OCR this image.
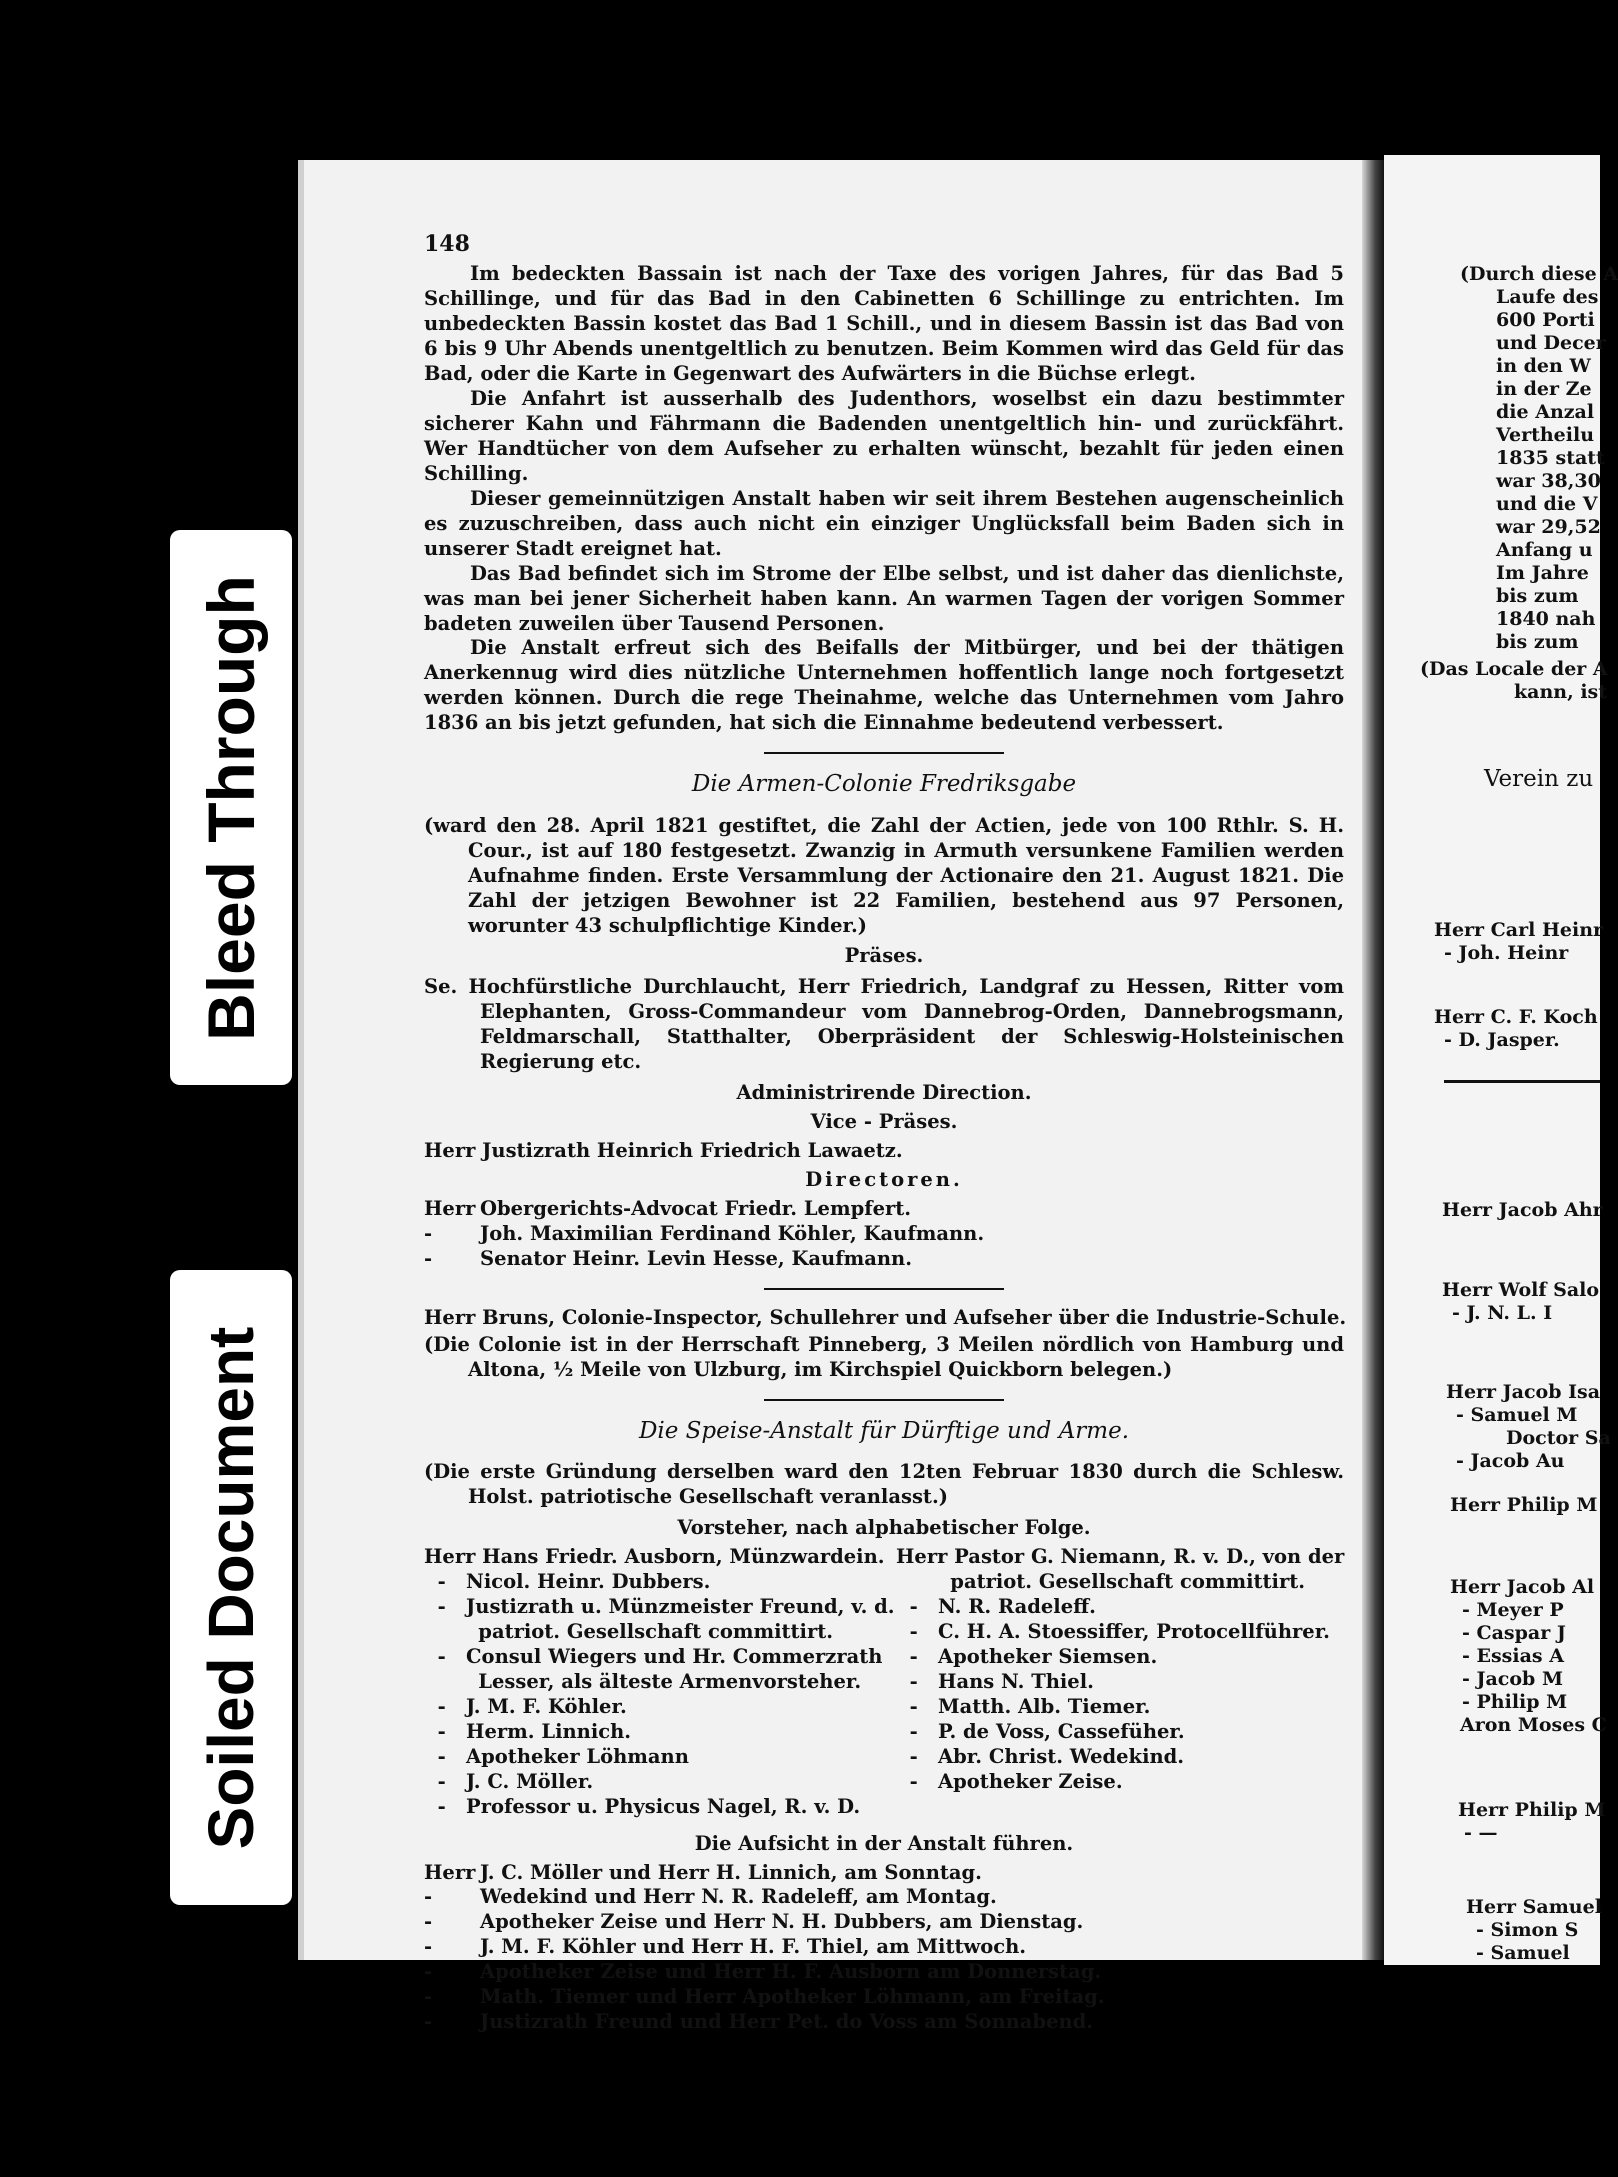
Bleed Through
Soiled Document
148

Im bedeckten Bassain ist nach der Taxe des vorigen Jahres, für das Bad 5 Schillinge, und für das Bad in den Cabinetten 6 Schillinge zu entrichten. Im unbedeckten Bassin kostet das Bad 1 Schill., und in diesem Bassin ist das Bad von 6 bis 9 Uhr Abends unentgeltlich zu benutzen. Beim Kommen wird das Geld für das Bad, oder die Karte in Gegenwart des Aufwärters in die Büchse erlegt.

Die Anfahrt ist ausserhalb des Judenthors, woselbst ein dazu bestimmter sicherer Kahn und Fährmann die Badenden unentgeltlich hin- und zurückfährt. Wer Handtücher von dem Aufseher zu erhalten wünscht, bezahlt für jeden einen Schilling.

Dieser gemeinnützigen Anstalt haben wir seit ihrem Bestehen augenscheinlich es zuzuschreiben, dass auch nicht ein einziger Unglücksfall beim Baden sich in unserer Stadt ereignet hat.

Das Bad befindet sich im Strome der Elbe selbst, und ist daher das dienlichste, was man bei jener Sicherheit haben kann. An warmen Tagen der vorigen Sommer badeten zuweilen über Tausend Personen.

Die Anstalt erfreut sich des Beifalls der Mitbürger, und bei der thätigen Anerkennug wird dies nützliche Unternehmen hoffentlich lange noch fortgesetzt werden können. Durch die rege Theinahme, welche das Unternehmen vom Jahro 1836 an bis jetzt gefunden, hat sich die Einnahme bedeutend verbessert.

Die Armen-Colonie Fredriksgabe

(ward den 28. April 1821 gestiftet, die Zahl der Actien, jede von 100 Rthlr. S. H. Cour., ist auf 180 festgesetzt. Zwanzig in Armuth versunkene Familien werden Aufnahme finden. Erste Versammlung der Actionaire den 21. August 1821. Die Zahl der jetzigen Bewohner ist 22 Familien, bestehend aus 97 Personen, worunter 43 schulpflichtige Kinder.)

Präses.

Se. Hochfürstliche Durchlaucht, Herr Friedrich, Landgraf zu Hessen, Ritter vom Elephanten, Gross-Commandeur vom Dannebrog-Orden, Dannebrogsmann, Feldmarschall, Statthalter, Oberpräsident der Schleswig-Holsteinischen Regierung etc.

Administrirende Direction.
Vice - Präses.

Herr Justizrath Heinrich Friedrich Lawaetz.

Directoren.

Herr Obergerichts-Advocat Friedr. Lempfert.

- Joh. Maximilian Ferdinand Köhler, Kaufmann.

- Senator Heinr. Levin Hesse, Kaufmann.

Herr Bruns, Colonie-Inspector, Schullehrer und Aufseher über die Industrie-Schule.

(Die Colonie ist in der Herrschaft Pinneberg, 3 Meilen nördlich von Hamburg und Altona, ½ Meile von Ulzburg, im Kirchspiel Quickborn belegen.)

Die Speise-Anstalt für Dürftige und Arme.

(Die erste Gründung derselben ward den 12ten Februar 1830 durch die Schlesw. Holst. patriotische Gesellschaft veranlasst.)

Vorsteher, nach alphabetischer Folge.

Herr Hans Friedr. Ausborn, Münzwardein.

-   Nicol. Heinr. Dubbers.

-   Justizrath u. Münzmeister Freund, v. d.

patriot. Gesellschaft committirt.

-   Consul Wiegers und Hr. Commerzrath

Lesser, als älteste Armenvorsteher.

-   J. M. F. Köhler.

-   Herm. Linnich.

-   Apotheker Löhmann

-   J. C. Möller.

-   Professor u. Physicus Nagel, R. v. D.

Herr Pastor G. Niemann, R. v. D., von der

patriot. Gesellschaft committirt.

-   N. R. Radeleff.

-   C. H. A. Stoessiffer, Protocellführer.

-   Apotheker Siemsen.

-   Hans N. Thiel.

-   Matth. Alb. Tiemer.

-   P. de Voss, Cassefüher.

-   Abr. Christ. Wedekind.

-   Apotheker Zeise.

Die Aufsicht in der Anstalt führen.

Herr J. C. Möller und Herr H. Linnich, am Sonntag.

- Wedekind und Herr N. R. Radeleff, am Montag.

- Apotheker Zeise und Herr N. H. Dubbers, am Dienstag.

- J. M. F. Köhler und Herr H. F. Thiel, am Mittwoch.

- Apotheker Zeise und Herr H. F. Ausborn am Donnerstag.

- Math. Tiemer und Herr Apotheker Löhmann, am Freitag.

- Justizrath Freund und Herr Pet. do Voss am Sonnabend.

(Durch diese A
Laufe des
600 Porti
und Decer
in den W
in der Ze
die Anzal
Vertheilu
1835 statt
war 38,30
und die V
war 29,52
Anfang u
Im Jahre
bis zum
1840 nah
bis zum
(Das Locale der A
kann, ist
Verein zu
Herr Carl Heinr
- Joh. Heinr
Herr C. F. Koch
- D. Jasper.
Herr Jacob Ahr
Herr Wolf Salo
- J. N. L. I
Herr Jacob Isa
- Samuel M
Doctor Sa
- Jacob Au
Herr Philip M
Herr Jacob Al
- Meyer P
- Caspar J
- Essias A
- Jacob M
- Philip M
Aron Moses C
Herr Philip M
- —
Herr Samuel
- Simon S
- Samuel
